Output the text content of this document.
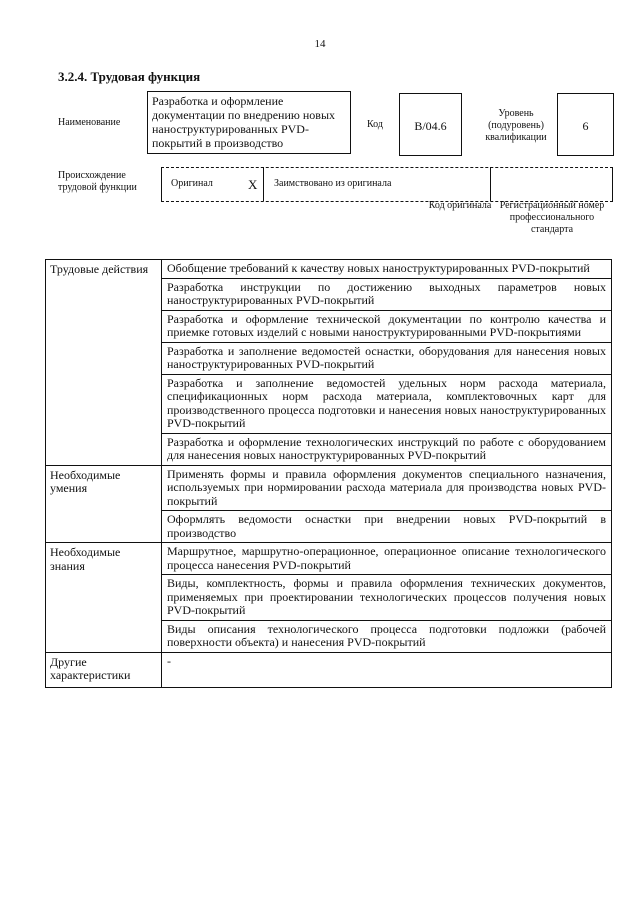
14
3.2.4. Трудовая функция
Наименование
Разработка и оформление документации по внедрению новых наноструктурированных PVD-покрытий в производство
Код	B/04.6
Уровень (подуровень) квалификации
6
Происхождение трудовой функции	Оригинал	X Заимствовано из оригинала
Код оригинала Регистрационный номер профессионального стандарта
Трудовые действия	Обобщение требований к качеству новых наноструктурированных PVD-покрытий
	Разработка инструкции по достижению выходных параметров новых наноструктурированных PVD-покрытий
	Разработка и оформление технической документации по контролю качества и приемке готовых изделий с новыми наноструктурированными PVD-покрытиями
	Разработка и заполнение ведомостей оснастки, оборудования для нанесения новых наноструктурированных PVD-покрытий
	Разработка и заполнение ведомостей удельных норм расхода материала, спецификационных норм расхода материала, комплектовочных карт для производственного процесса подготовки и нанесения новых наноструктурированных PVD-покрытий
	Разработка и оформление технологических инструкций по работе с оборудованием для нанесения новых наноструктурированных PVD-покрытий
Необходимые умения	Применять формы и правила оформления документов специального назначения, используемых при нормировании расхода материала для производства новых PVD-покрытий
	Оформлять ведомости оснастки при внедрении новых PVD-покрытий в производство
Необходимые знания	Маршрутное, маршрутно-операционное, операционное описание технологического процесса нанесения PVD-покрытий
	Виды, комплектность, формы и правила оформления технических документов, применяемых при проектировании технологических процессов получения новых PVD-покрытий
	Виды описания технологического процесса подготовки подложки (рабочей поверхности объекта) и нанесения PVD-покрытий
Другие характеристики	-
